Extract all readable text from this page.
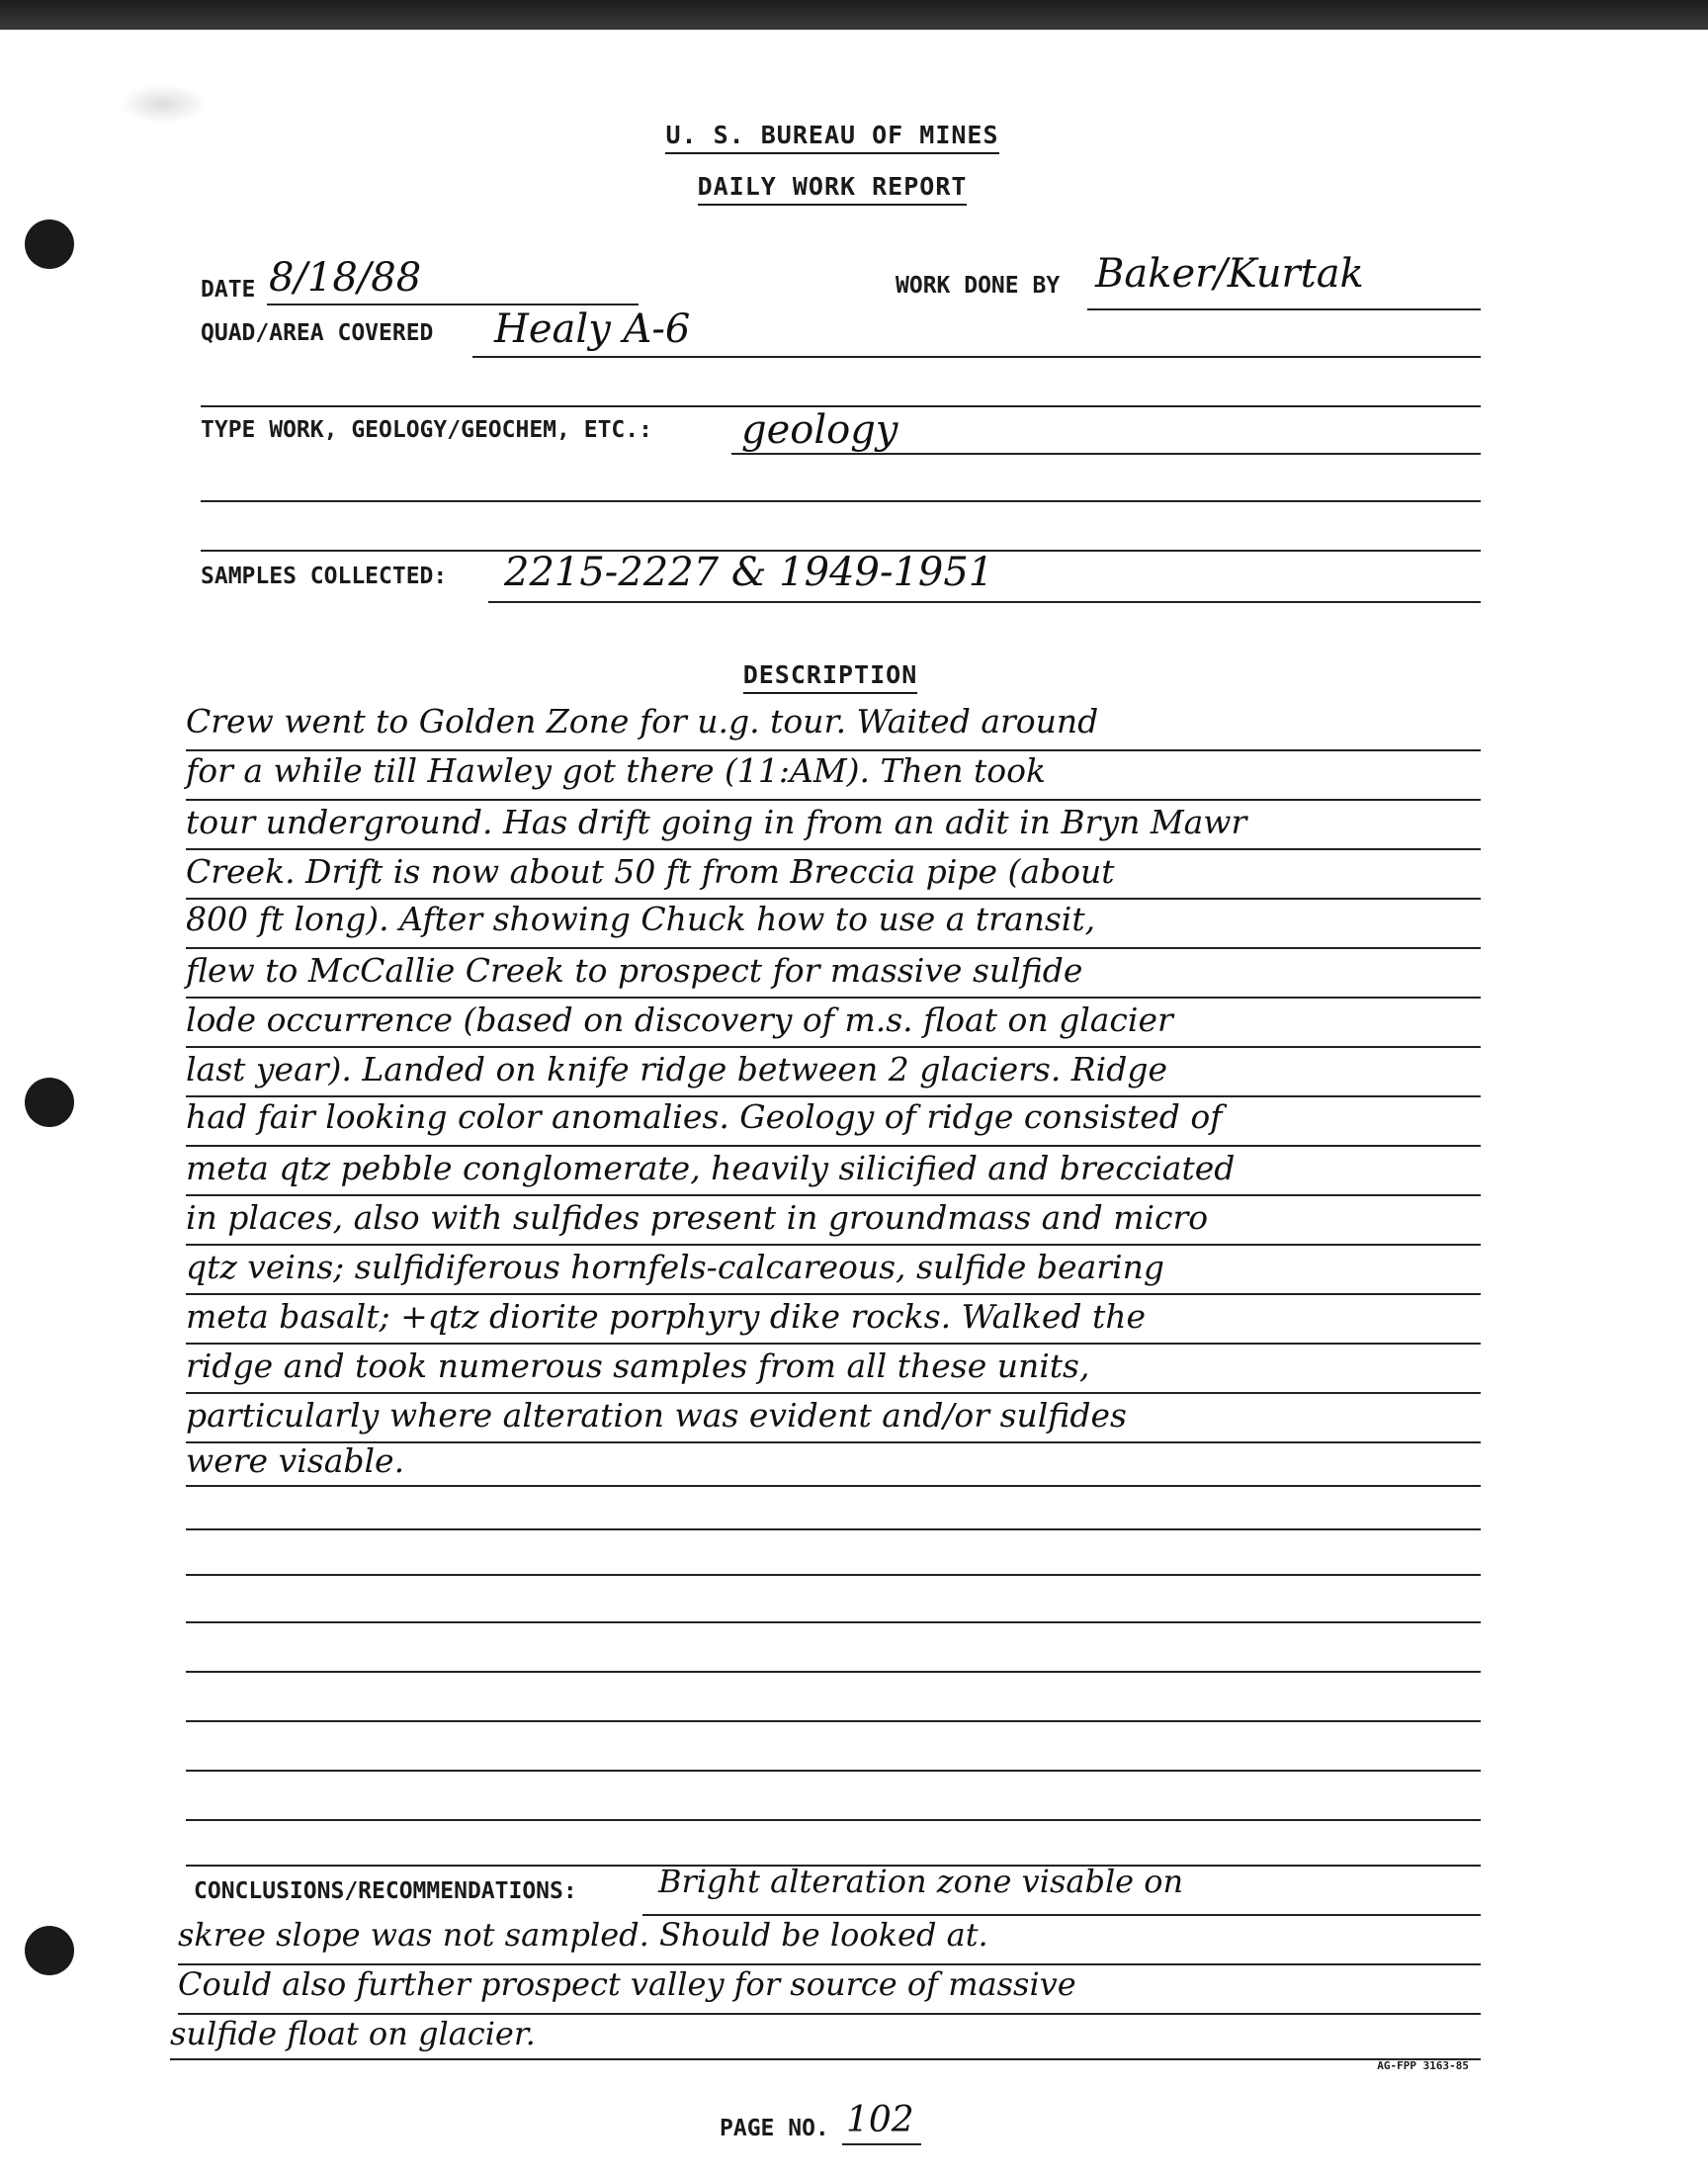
U. S. BUREAU OF MINES
DAILY WORK REPORT
DATE 8/18/88	WORK DONE BY Baker/Kurtak
QUAD/AREA COVERED Healy A-6
TYPE WORK, GEOLOGY/GEOCHEM, ETC.: geology
SAMPLES COLLECTED: 2215-2227 & 1949-1951
DESCRIPTION
Crew went to Golden Zone for u.g. tour. Waited around
for a while till Hawley got there (11:AM). Then took
tour underground. Has drift going in from an adit in Bryn Mawr
Creek. Drift is now about 50 ft from Breccia pipe (about
800 ft long). After showing Chuck how to use a transit,
flew to McCallie Creek to prospect for massive sulfide
lode occurrence (based on discovery of m.s. float on glacier
last year). Landed on knife ridge between 2 glaciers. Ridge
had fair looking color anomalies. Geology of ridge consisted of
meta qtz pebble conglomerate, heavily silicified and brecciated
in places, also with sulfides present in groundmass and micro
qtz veins; sulfidiferous hornfels-calcareous, sulfide bearing
meta basalt; +qtz diorite porphyry dike rocks. Walked the
ridge and took numerous samples from all these units,
particularly where alteration was evident and/or sulfides
were visable.
CONCLUSIONS/RECOMMENDATIONS:	Bright alteration zone visable on
skree slope was not sampled. Should be looked at.
Could also further prospect valley for source of massive
sulfide float on glacier.
AG-FPP 3163-85
PAGE NO. 102
